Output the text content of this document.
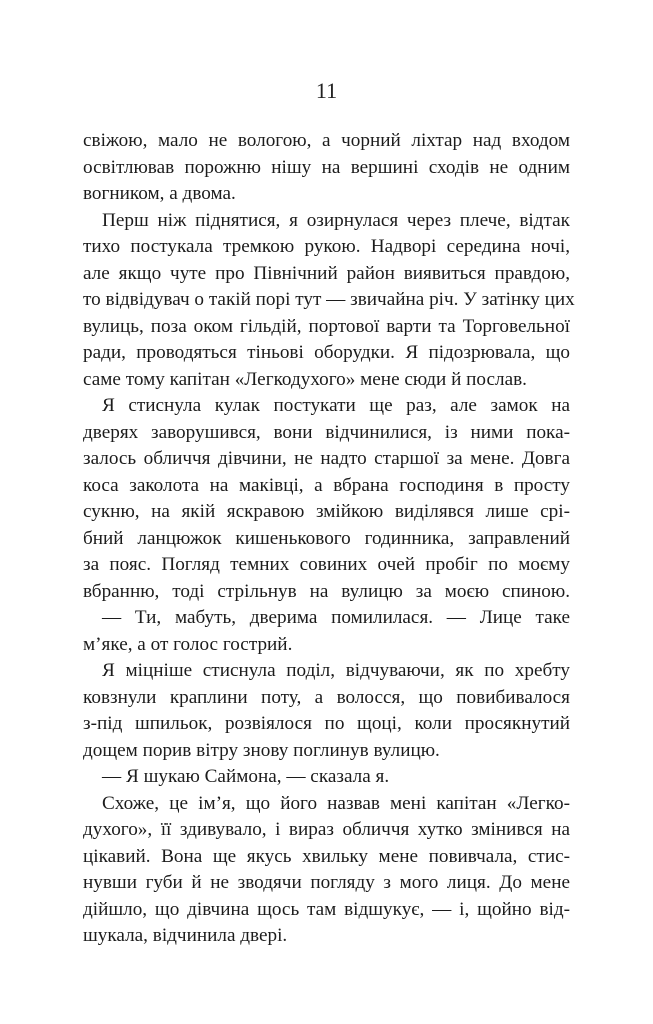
11
свіжою, мало не вологою, а чорний ліхтар над входом
освітлював порожню нішу на вершині сходів не одним
вогником, а двома.
Перш ніж піднятися, я озирнулася через плече, відтак
тихо постукала тремкою рукою. Надворі середина ночі,
але якщо чуте про Північний район виявиться правдою,
то відвідувач о такій порі тут — звичайна річ. У затінку цих
вулиць, поза оком гільдій, портової варти та Торговельної
ради, проводяться тіньові оборудки. Я підозрювала, що
саме тому капітан «Легкодухого» мене сюди й послав.
Я стиснула кулак постукати ще раз, але замок на
дверях заворушився, вони відчинилися, із ними пока-
залось обличчя дівчини, не надто старшої за мене. Довга
коса заколота на маківці, а вбрана господиня в просту
сукню, на якій яскравою змійкою виділявся лише срі-
бний ланцюжок кишенькового годинника, заправлений
за пояс. Погляд темних совиних очей пробіг по моєму
вбранню, тоді стрільнув на вулицю за моєю спиною.
— Ти, мабуть, дверима помилилася. — Лице таке
м’яке, а от голос гострий.
Я міцніше стиснула поділ, відчуваючи, як по хребту
ковзнули краплини поту, а волосся, що повибивалося
з-під шпильок, розвіялося по щоці, коли просякнутий
дощем порив вітру знову поглинув вулицю.
— Я шукаю Саймона, — сказала я.
Схоже, це ім’я, що його назвав мені капітан «Легко-
духого», її здивувало, і вираз обличчя хутко змінився на
цікавий. Вона ще якусь хвильку мене повивчала, стис-
нувши губи й не зводячи погляду з мого лиця. До мене
дійшло, що дівчина щось там відшукує, — і, щойно від-
шукала, відчинила двері.
